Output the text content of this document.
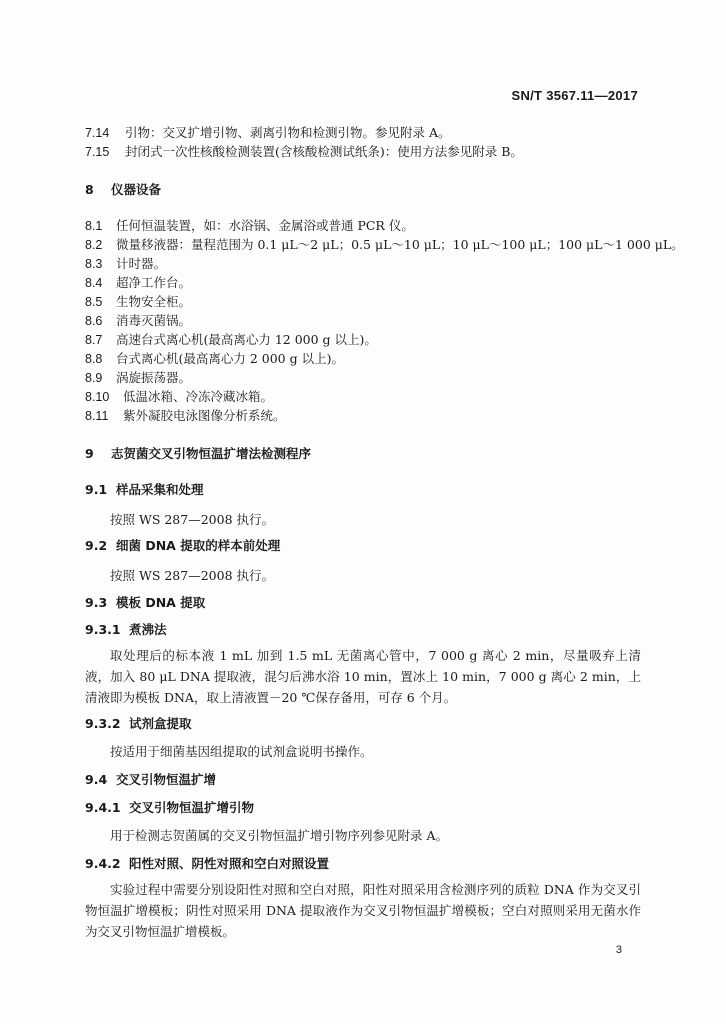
SN/T 3567.11—2017
7.14 引物：交叉扩增引物、剥离引物和检测引物。参见附录 A。
7.15 封闭式一次性核酸检测装置(含核酸检测试纸条)：使用方法参见附录 B。
8 仪器设备
8.1 任何恒温装置，如：水浴锅、金属浴或普通 PCR 仪。
8.2 微量移液器：量程范围为 0.1 μL～2 μL；0.5 μL～10 μL；10 μL～100 μL；100 μL～1 000 μL。
8.3 计时器。
8.4 超净工作台。
8.5 生物安全柜。
8.6 消毒灭菌锅。
8.7 高速台式离心机(最高离心力 12 000 g 以上)。
8.8 台式离心机(最高离心力 2 000 g 以上)。
8.9 涡旋振荡器。
8.10 低温冰箱、冷冻冷藏冰箱。
8.11 紫外凝胶电泳图像分析系统。
9 志贺菌交叉引物恒温扩增法检测程序
9.1 样品采集和处理
按照 WS 287—2008 执行。
9.2 细菌 DNA 提取的样本前处理
按照 WS 287—2008 执行。
9.3 模板 DNA 提取
9.3.1 煮沸法
取处理后的标本液 1 mL 加到 1.5 mL 无菌离心管中，7 000 g 离心 2 min，尽量吸弃上清液，加入 80 μL DNA 提取液，混匀后沸水浴 10 min，置冰上 10 min，7 000 g 离心 2 min，上清液即为模板 DNA，取上清液置－20 ℃保存备用，可存 6 个月。
9.3.2 试剂盒提取
按适用于细菌基因组提取的试剂盒说明书操作。
9.4 交叉引物恒温扩增
9.4.1 交叉引物恒温扩增引物
用于检测志贺菌属的交叉引物恒温扩增引物序列参见附录 A。
9.4.2 阳性对照、阴性对照和空白对照设置
实验过程中需要分别设阳性对照和空白对照，阳性对照采用含检测序列的质粒 DNA 作为交叉引物恒温扩增模板；阴性对照采用 DNA 提取液作为交叉引物恒温扩增模板；空白对照则采用无菌水作为交叉引物恒温扩增模板。
3
